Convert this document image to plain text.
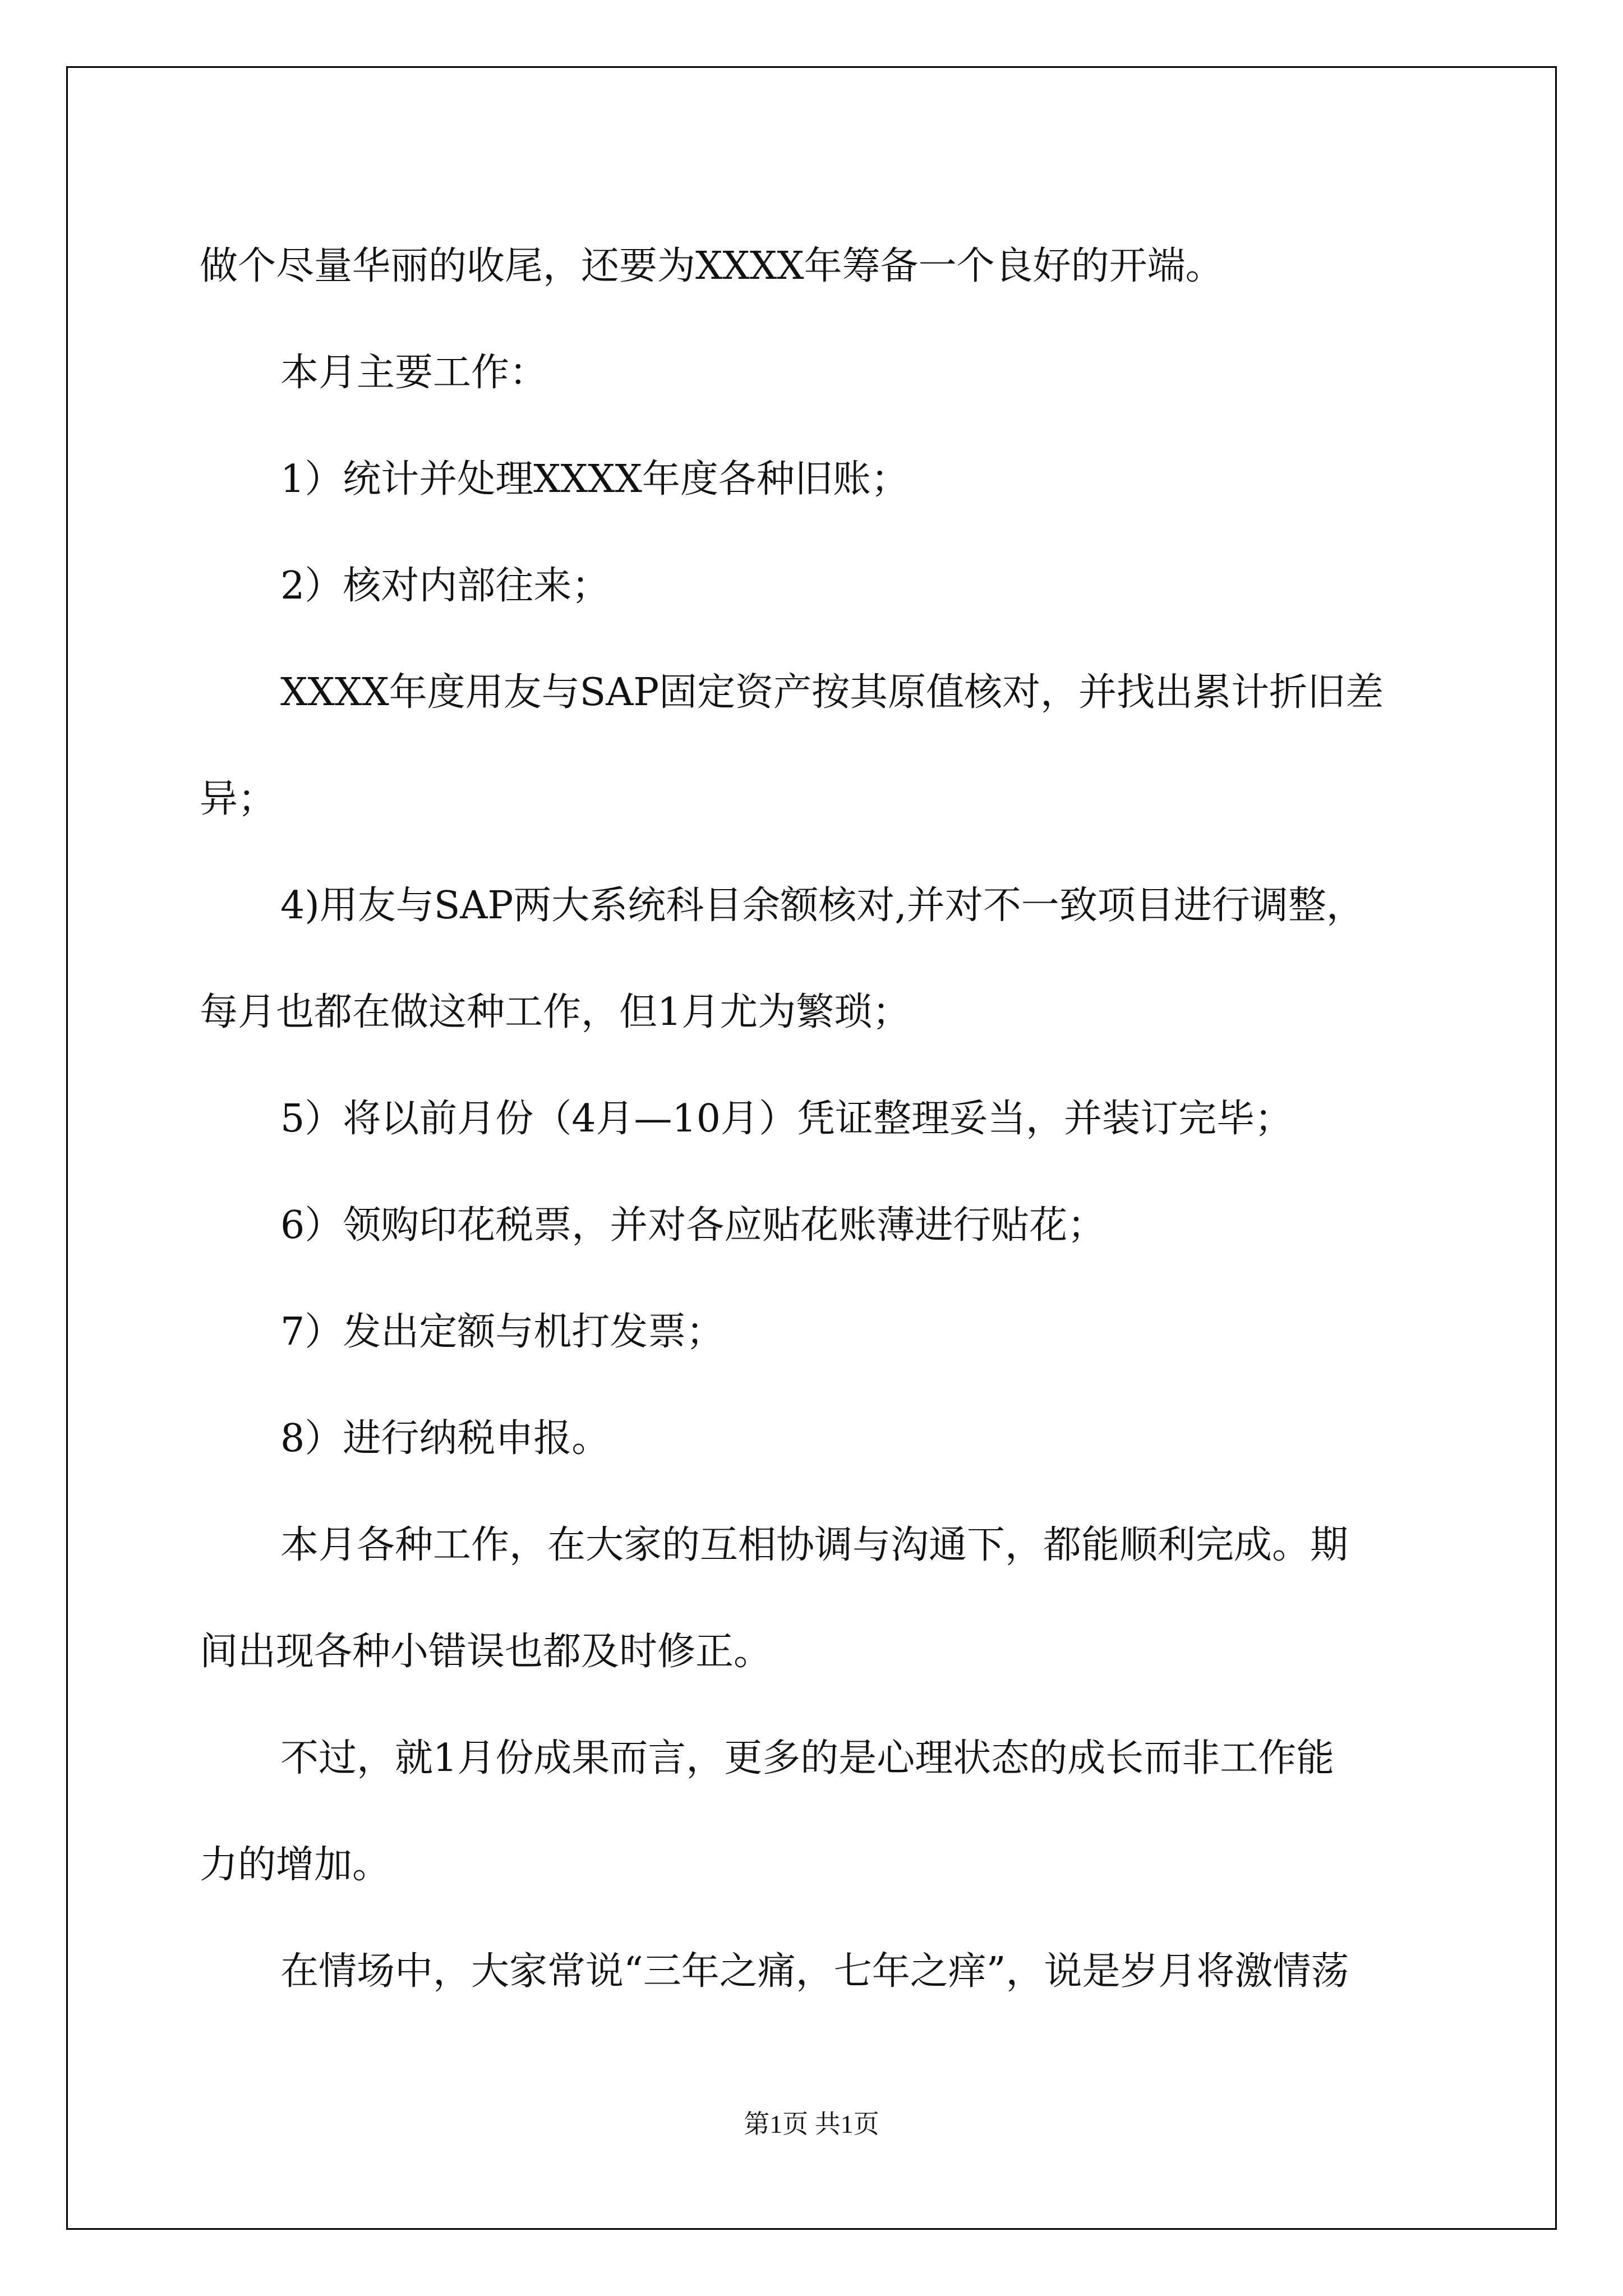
做个尽量华丽的收尾，还要为XXXX年筹备一个良好的开端。

本月主要工作：

1）统计并处理XXXX年度各种旧账；

2）核对内部往来；

XXXX年度用友与SAP固定资产按其原值核对，并找出累计折旧差

异；

4)用友与SAP两大系统科目余额核对,并对不一致项目进行调整，

每月也都在做这种工作，但1月尤为繁琐；

5）将以前月份（4月—10月）凭证整理妥当，并装订完毕；

6）领购印花税票，并对各应贴花账薄进行贴花；

7）发出定额与机打发票；

8）进行纳税申报。

本月各种工作，在大家的互相协调与沟通下，都能顺利完成。期

间出现各种小错误也都及时修正。

不过，就1月份成果而言，更多的是心理状态的成长而非工作能

力的增加。

在情场中，大家常说“三年之痛，七年之痒”，说是岁月将激情荡

第1页 共1页
